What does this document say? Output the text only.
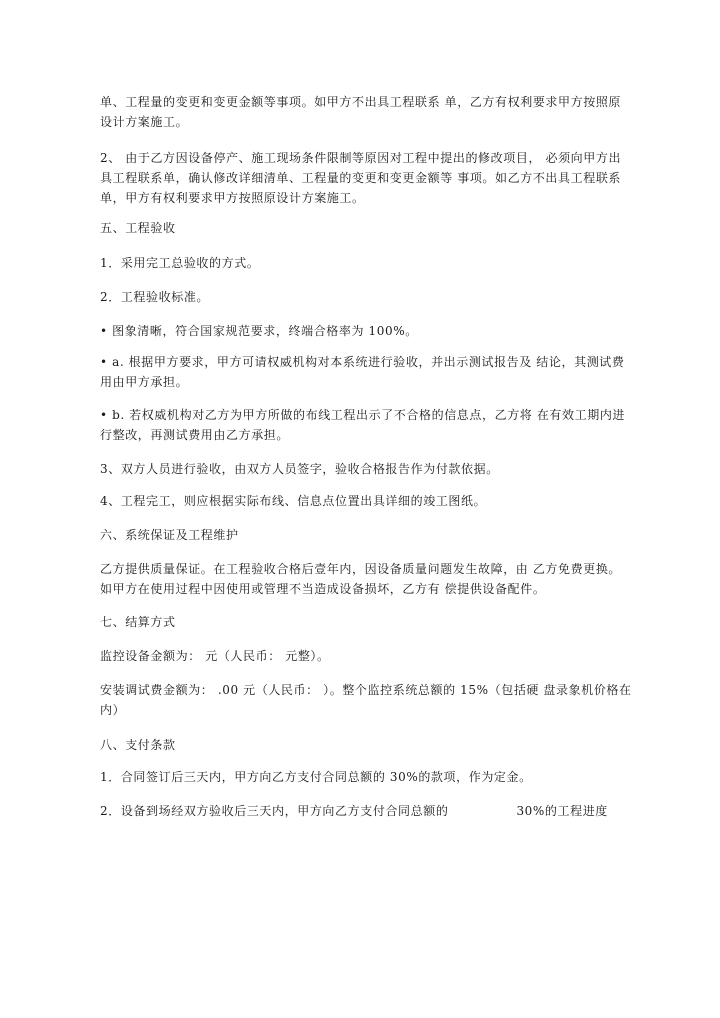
单、工程量的变更和变更金额等事项。如甲方不出具工程联系 单，乙方有权利要求甲方按照原
设计方案施工。

2、 由于乙方因设备停产、施工现场条件限制等原因对工程中提出的修改项目， 必须向甲方出
具工程联系单，确认修改详细清单、工程量的变更和变更金额等 事项。如乙方不出具工程联系
单，甲方有权利要求甲方按照原设计方案施工。

五、工程验收

1．采用完工总验收的方式。

2．工程验收标准。

• 图象清晰，符合国家规范要求，终端合格率为 100%。

• a. 根据甲方要求，甲方可请权威机构对本系统进行验收，并出示测试报告及 结论，其测试费
用由甲方承担。

• b. 若权威机构对乙方为甲方所做的布线工程出示了不合格的信息点，乙方将 在有效工期内进
行整改，再测试费用由乙方承担。

3、双方人员进行验收，由双方人员签字，验收合格报告作为付款依据。

4、工程完工，则应根据实际布线、信息点位置出具详细的竣工图纸。

六、系统保证及工程维护

乙方提供质量保证。在工程验收合格后壹年内，因设备质量问题发生故障，由 乙方免费更换。
如甲方在使用过程中因使用或管理不当造成设备损坏，乙方有 偿提供设备配件。

七、结算方式

监控设备金额为： 元（人民币： 元整）。

安装调试费金额为： .00 元（人民币： ）。整个监控系统总额的 15%（包括硬 盘录象机价格在
内）

八、支付条款

1．合同签订后三天内，甲方向乙方支付合同总额的 30%的款项，作为定金。

2．设备到场经双方验收后三天内，甲方向乙方支付合同总额的	30%的工程进度
